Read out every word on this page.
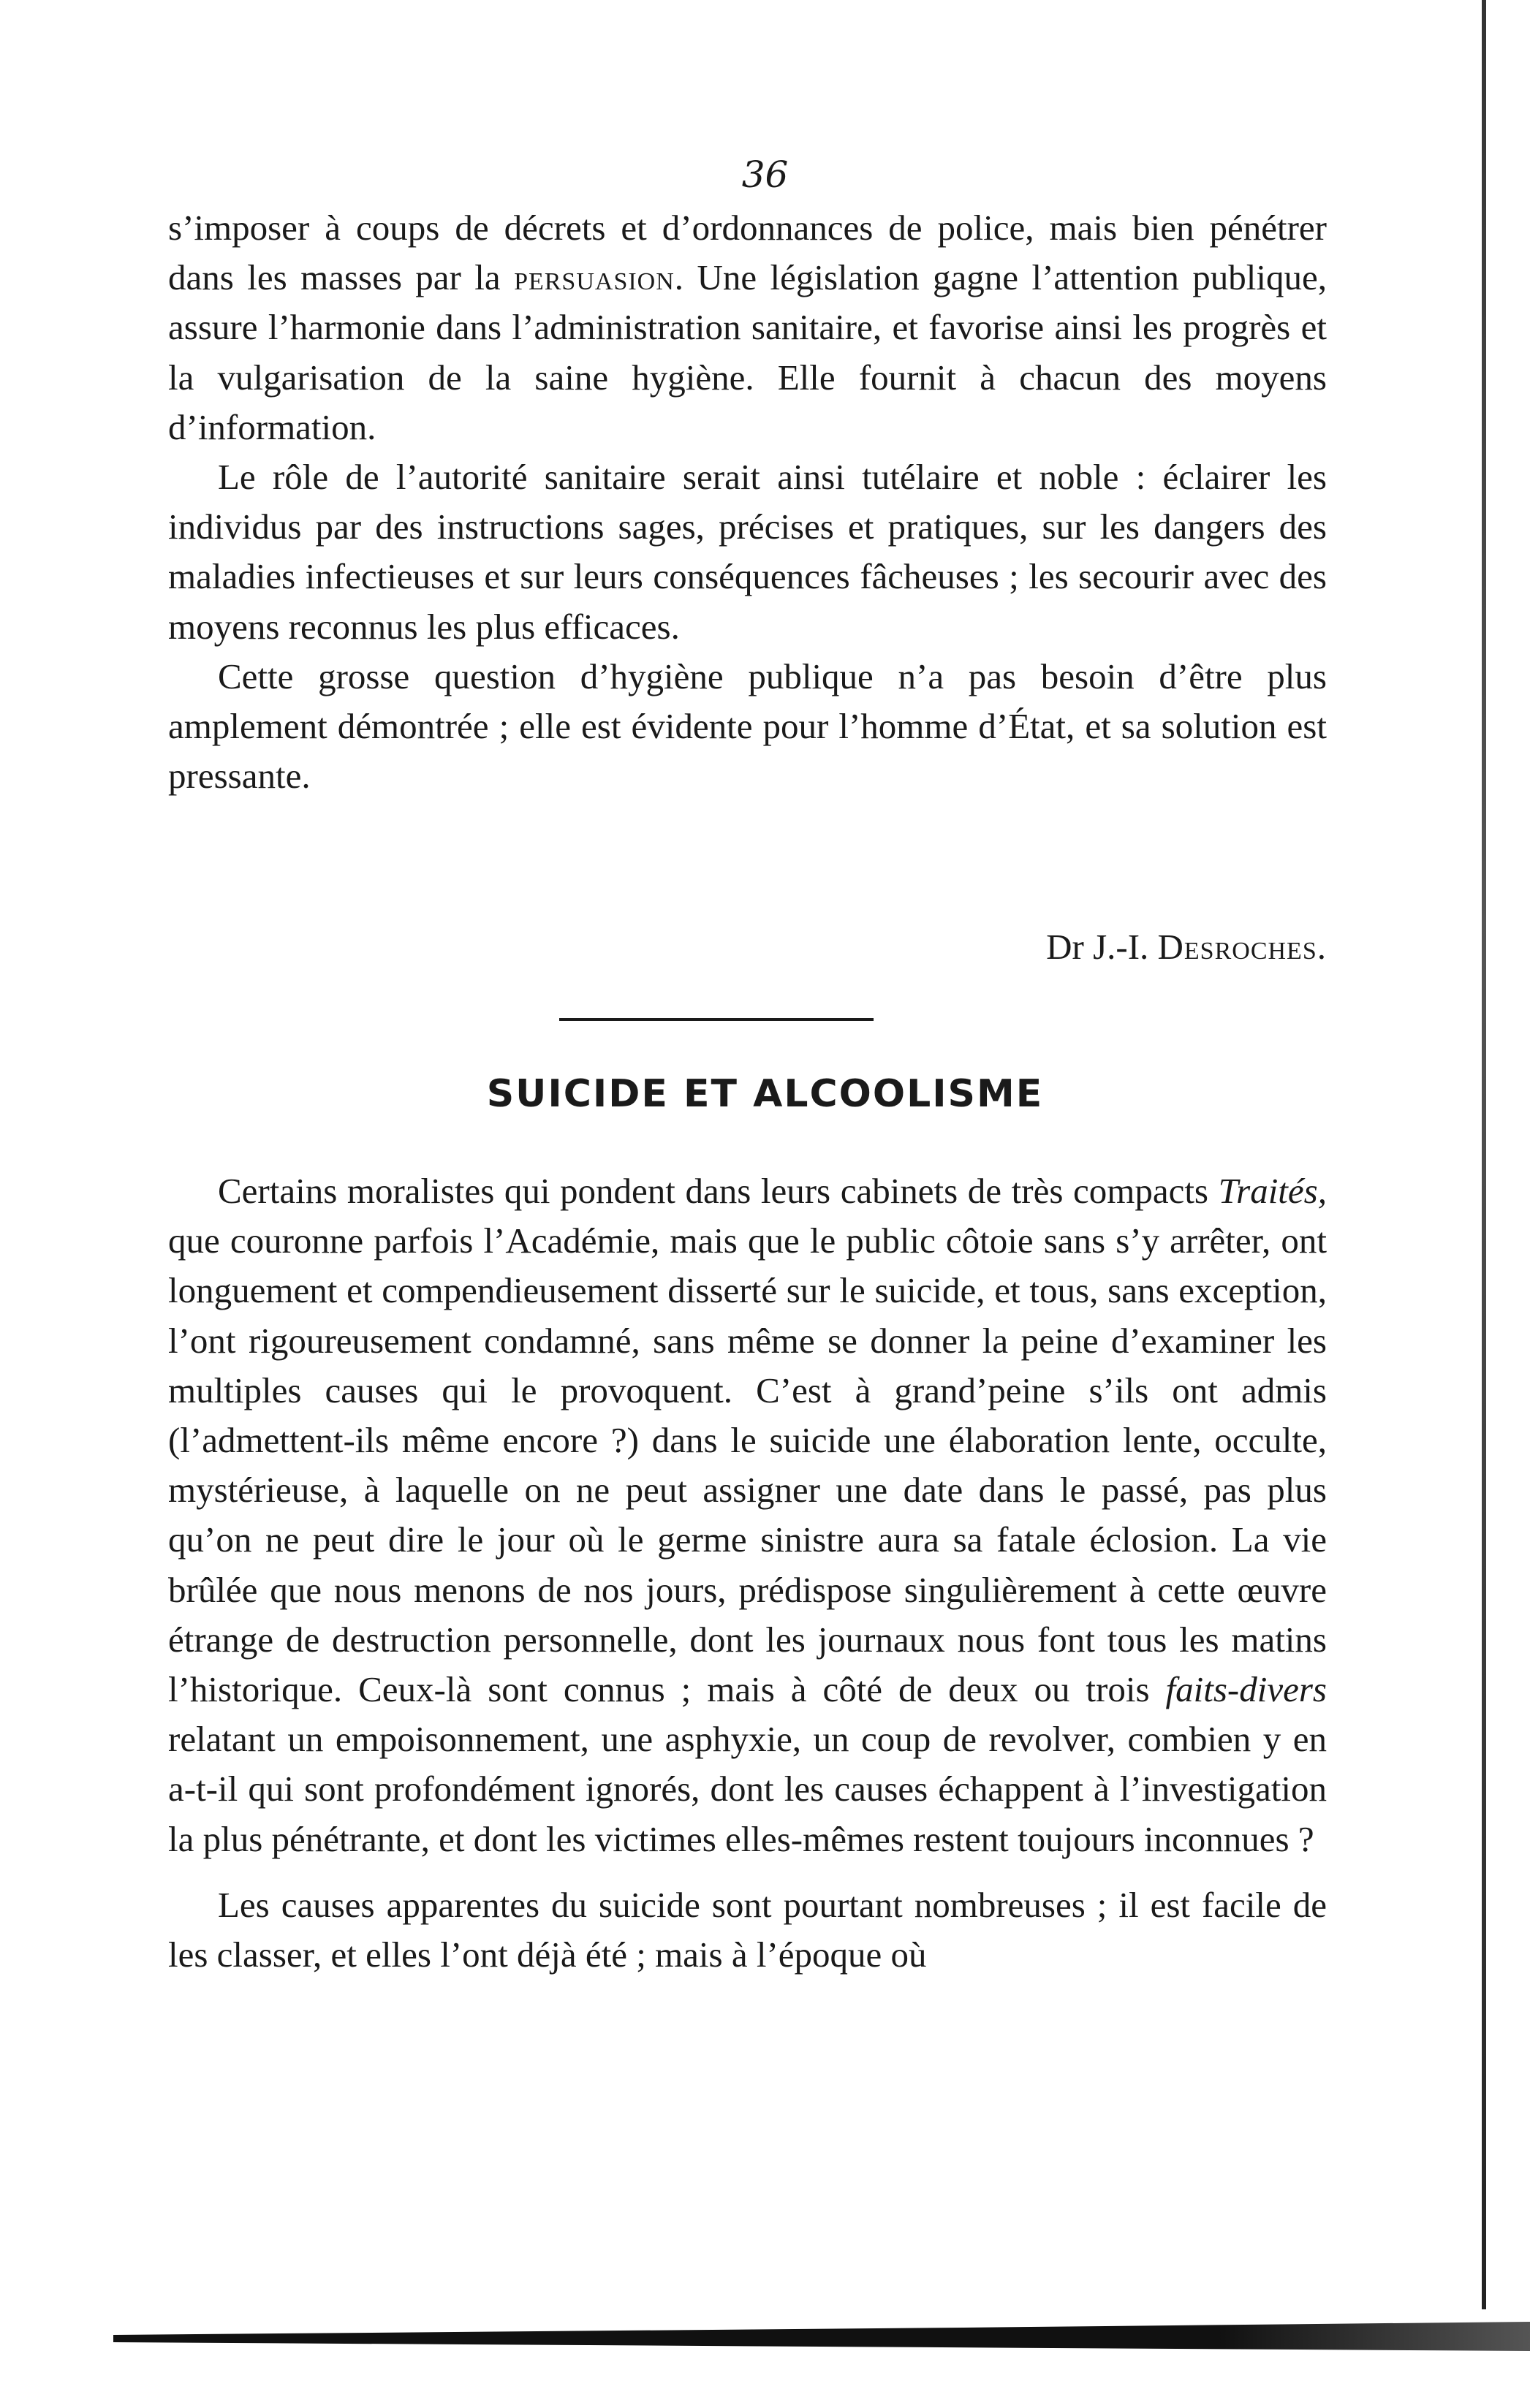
36

s’imposer à coups de décrets et d’ordonnances de police, mais bien pénétrer dans les masses par la persuasion. Une législation gagne l’attention publique, assure l’harmonie dans l’administration sanitaire, et favorise ainsi les progrès et la vulgarisation de la saine hygiène. Elle fournit à chacun des moyens d’information.

Le rôle de l’autorité sanitaire serait ainsi tutélaire et noble : éclairer les individus par des instructions sages, précises et pratiques, sur les dangers des maladies infectieuses et sur leurs conséquences fâcheuses ; les secourir avec des moyens reconnus les plus efficaces.

Cette grosse question d’hygiène publique n’a pas besoin d’être plus amplement démontrée ; elle est évidente pour l’homme d’État, et sa solution est pressante.

Dr J.-I. Desroches.
SUICIDE ET ALCOOLISME

Certains moralistes qui pondent dans leurs cabinets de très compacts Traités, que couronne parfois l’Académie, mais que le public côtoie sans s’y arrêter, ont longuement et compendieusement disserté sur le suicide, et tous, sans exception, l’ont rigoureusement condamné, sans même se donner la peine d’examiner les multiples causes qui le provoquent. C’est à grand’peine s’ils ont admis (l’admettent-ils même encore ?) dans le suicide une élaboration lente, occulte, mystérieuse, à laquelle on ne peut assigner une date dans le passé, pas plus qu’on ne peut dire le jour où le germe sinistre aura sa fatale éclosion. La vie brûlée que nous menons de nos jours, prédispose singulièrement à cette œuvre étrange de destruction personnelle, dont les journaux nous font tous les matins l’historique. Ceux-là sont connus ; mais à côté de deux ou trois faits-divers relatant un empoisonnement, une asphyxie, un coup de revolver, combien y en a-t-il qui sont profondément ignorés, dont les causes échappent à l’investigation la plus pénétrante, et dont les victimes elles-mêmes restent toujours inconnues ?

Les causes apparentes du suicide sont pourtant nombreuses ; il est facile de les classer, et elles l’ont déjà été ; mais à l’époque où
